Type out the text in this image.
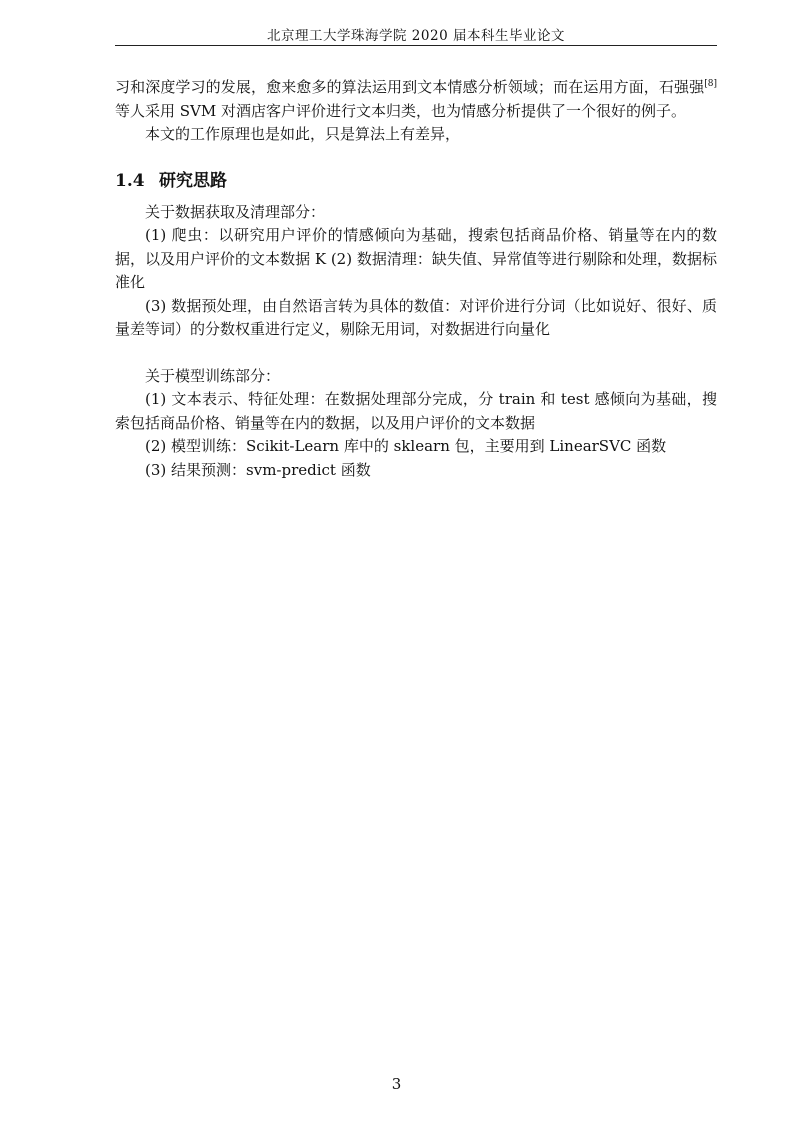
北京理工大学珠海学院 2020 届本科生毕业论文

习和深度学习的发展，愈来愈多的算法运用到文本情感分析领域；而在运用方面，石强强[8] 等人采用 SVM 对酒店客户评价进行文本归类，也为情感分析提供了一个很好的例子。

本文的工作原理也是如此，只是算法上有差异，

1.4 研究思路

关于数据获取及清理部分：

(1) 爬虫：以研究用户评价的情感倾向为基础，搜索包括商品价格、销量等在内的数据，以及用户评价的文本数据 K (2) 数据清理：缺失值、异常值等进行剔除和处理，数据标准化

(3) 数据预处理，由自然语言转为具体的数值：对评价进行分词（比如说好、很好、质量差等词）的分数权重进行定义，剔除无用词，对数据进行向量化

关于模型训练部分：

(1) 文本表示、特征处理：在数据处理部分完成，分 train 和 test 感倾向为基础，搜索包括商品价格、销量等在内的数据，以及用户评价的文本数据

(2) 模型训练：Scikit-Learn 库中的 sklearn 包，主要用到 LinearSVC 函数

(3) 结果预测：svm-predict 函数

3
